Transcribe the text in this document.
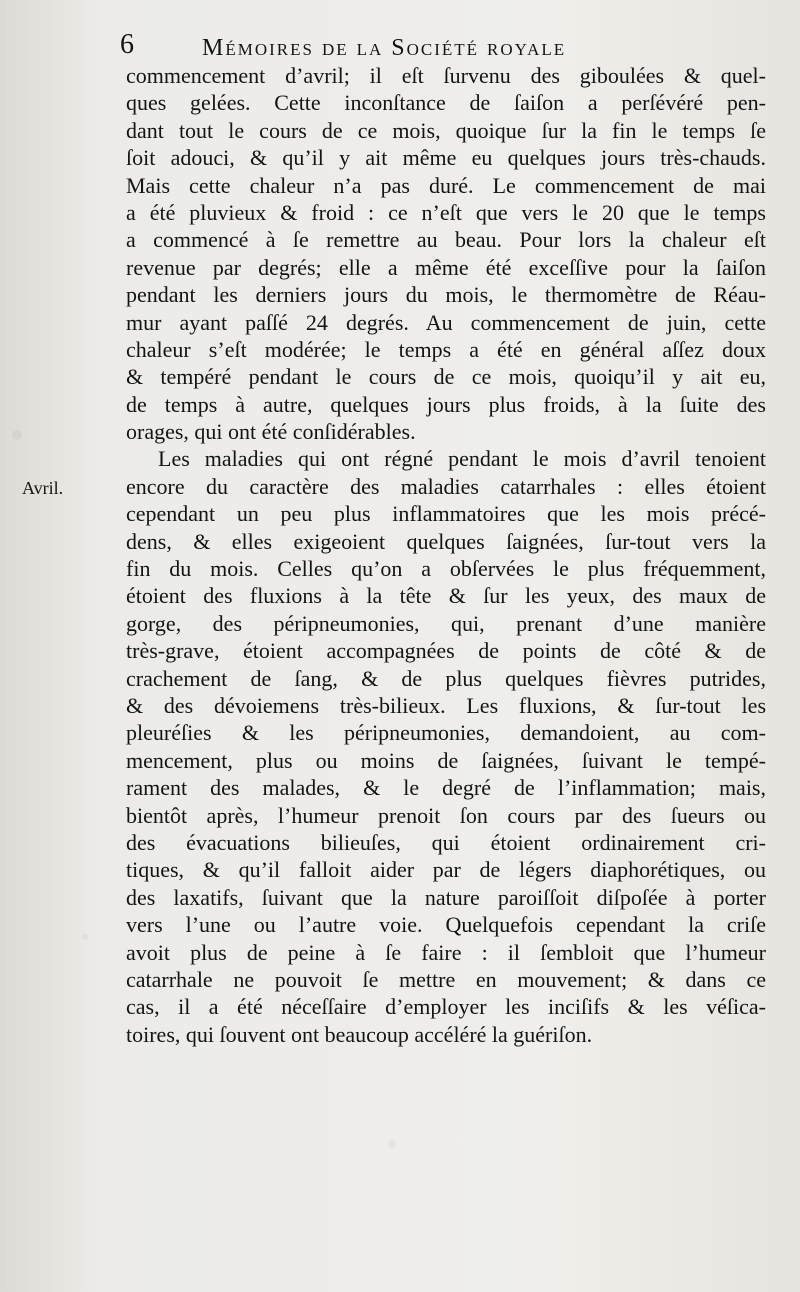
6	Mémoires de la Société royale
Avril.
commencement d’avril; il eſt ſurvenu des giboulées & quel-
ques gelées. Cette inconſtance de ſaiſon a perſévéré pen-
dant tout le cours de ce mois, quoique ſur la fin le temps ſe
ſoit adouci, & qu’il y ait même eu quelques jours très-chauds.
Mais cette chaleur n’a pas duré. Le commencement de mai
a été pluvieux & froid : ce n’eſt que vers le 20 que le temps
a commencé à ſe remettre au beau. Pour lors la chaleur eſt
revenue par degrés; elle a même été exceſſive pour la ſaiſon
pendant les derniers jours du mois, le thermomètre de Réau-
mur ayant paſſé 24 degrés. Au commencement de juin, cette
chaleur s’eſt modérée; le temps a été en général aſſez doux
& tempéré pendant le cours de ce mois, quoiqu’il y ait eu,
de temps à autre, quelques jours plus froids, à la ſuite des
orages, qui ont été conſidérables.
Les maladies qui ont régné pendant le mois d’avril tenoient
encore du caractère des maladies catarrhales : elles étoient
cependant un peu plus inflammatoires que les mois précé-
dens, & elles exigeoient quelques ſaignées, ſur-tout vers la
fin du mois. Celles qu’on a obſervées le plus fréquemment,
étoient des fluxions à la tête & ſur les yeux, des maux de
gorge, des péripneumonies, qui, prenant d’une manière
très-grave, étoient accompagnées de points de côté & de
crachement de ſang, & de plus quelques fièvres putrides,
& des dévoiemens très-bilieux. Les fluxions, & ſur-tout les
pleuréſies & les péripneumonies, demandoient, au com-
mencement, plus ou moins de ſaignées, ſuivant le tempé-
rament des malades, & le degré de l’inflammation; mais,
bientôt après, l’humeur prenoit ſon cours par des ſueurs ou
des évacuations bilieuſes, qui étoient ordinairement cri-
tiques, & qu’il falloit aider par de légers diaphorétiques, ou
des laxatifs, ſuivant que la nature paroiſſoit diſpoſée à porter
vers l’une ou l’autre voie. Quelquefois cependant la criſe
avoit plus de peine à ſe faire : il ſembloit que l’humeur
catarrhale ne pouvoit ſe mettre en mouvement; & dans ce
cas, il a été néceſſaire d’employer les inciſifs & les véſica-
toires, qui ſouvent ont beaucoup accéléré la guériſon.
